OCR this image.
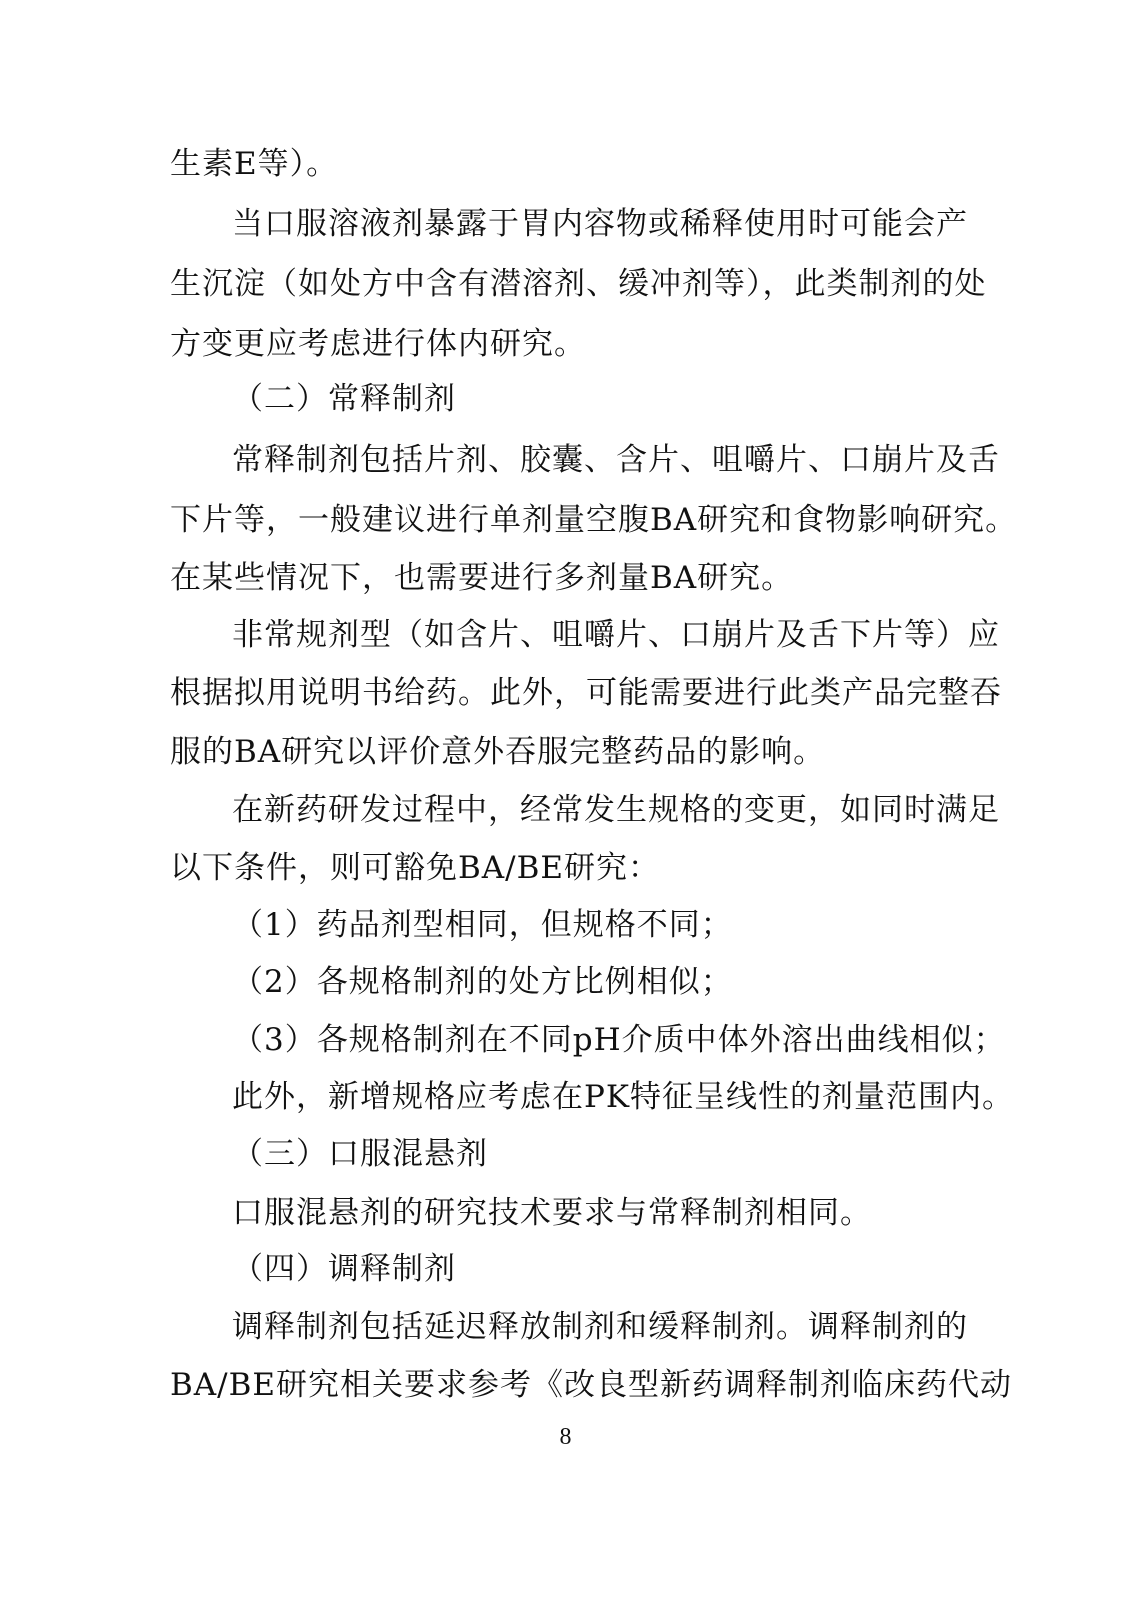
生素E等）。
当口服溶液剂暴露于胃内容物或稀释使用时可能会产
生沉淀（如处方中含有潜溶剂、缓冲剂等），此类制剂的处
方变更应考虑进行体内研究。
（二）常释制剂
常释制剂包括片剂、胶囊、含片、咀嚼片、口崩片及舌
下片等，一般建议进行单剂量空腹BA研究和食物影响研究。
在某些情况下，也需要进行多剂量BA研究。
非常规剂型（如含片、咀嚼片、口崩片及舌下片等）应
根据拟用说明书给药。此外，可能需要进行此类产品完整吞
服的BA研究以评价意外吞服完整药品的影响。
在新药研发过程中，经常发生规格的变更，如同时满足
以下条件，则可豁免BA/BE研究：
（1）药品剂型相同，但规格不同；
（2）各规格制剂的处方比例相似；
（3）各规格制剂在不同pH介质中体外溶出曲线相似；
此外，新增规格应考虑在PK特征呈线性的剂量范围内。
（三）口服混悬剂
口服混悬剂的研究技术要求与常释制剂相同。
（四）调释制剂
调释制剂包括延迟释放制剂和缓释制剂。调释制剂的
BA/BE研究相关要求参考《改良型新药调释制剂临床药代动
8
